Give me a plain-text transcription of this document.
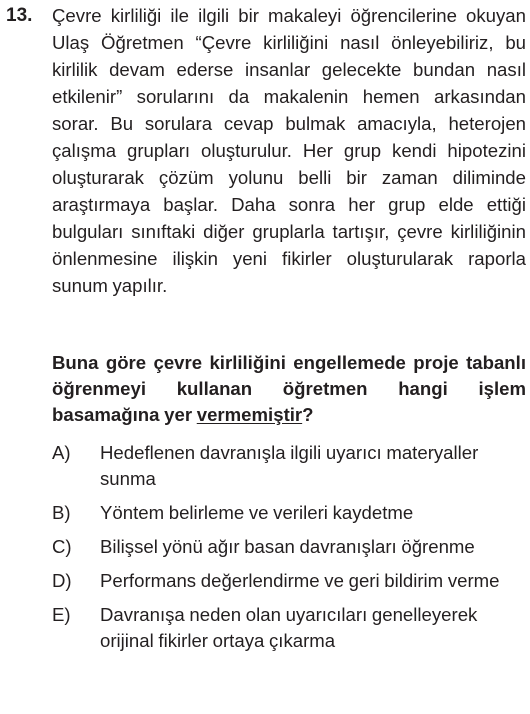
13. Çevre kirliliği ile ilgili bir makaleyi öğrencilerine okuyan Ulaş Öğretmen “Çevre kirliliğini nasıl önleyebiliriz, bu kirlilik devam ederse insanlar gelecekte bundan nasıl etkilenir” sorularını da makalenin hemen arkasından sorar. Bu sorulara cevap bulmak amacıyla, heterojen çalışma grupları oluşturulur. Her grup kendi hipotezini oluşturarak çözüm yolunu belli bir zaman diliminde araştırmaya başlar. Daha sonra her grup elde ettiği bulguları sınıftaki diğer gruplarla tartışır, çevre kirliliğinin önlenmesine ilişkin yeni fikirler oluşturularak raporla sunum yapılır.

Buna göre çevre kirliliğini engellemede proje tabanlı öğrenmeyi kullanan öğretmen hangi işlem basamağına yer vermemiştir?

A) Hedeflenen davranışla ilgili uyarıcı materyaller sunma
B) Yöntem belirleme ve verileri kaydetme
C) Bilişsel yönü ağır basan davranışları öğrenme
D) Performans değerlendirme ve geri bildirim verme
E) Davranışa neden olan uyarıcıları genelleyerek orijinal fikirler ortaya çıkarma
